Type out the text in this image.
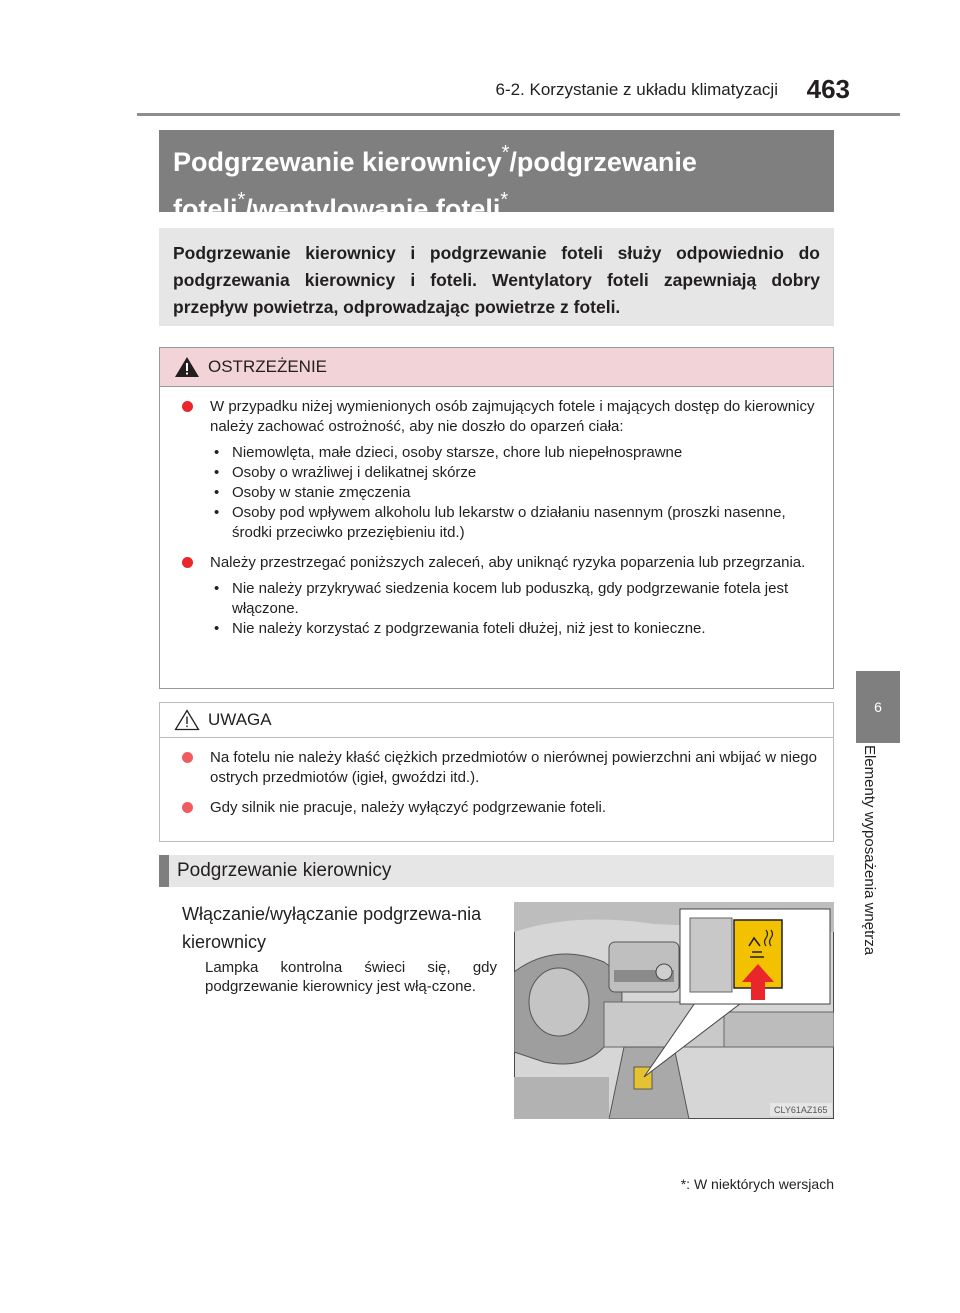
6-2. Korzystanie z układu klimatyzacji	463
6
Elementy wyposażenia wnętrza
Podgrzewanie kierownicy*/podgrzewanie
foteli*/wentylowanie foteli*
Podgrzewanie kierownicy i podgrzewanie foteli służy odpowiednio do podgrzewania kierownicy i foteli. Wentylatory foteli zapewniają dobry przepływ powietrza, odprowadzając powietrze z foteli.
OSTRZEŻENIE
W przypadku niżej wymienionych osób zajmujących fotele i mających dostęp do kierownicy należy zachować ostrożność, aby nie doszło do oparzeń ciała:
• Niemowlęta, małe dzieci, osoby starsze, chore lub niepełnosprawne
• Osoby o wrażliwej i delikatnej skórze
• Osoby w stanie zmęczenia
• Osoby pod wpływem alkoholu lub lekarstw o działaniu nasennym (proszki nasenne, środki przeciwko przeziębieniu itd.)
Należy przestrzegać poniższych zaleceń, aby uniknąć ryzyka poparzenia lub przegrzania.
• Nie należy przykrywać siedzenia kocem lub poduszką, gdy podgrzewanie fotela jest włączone.
• Nie należy korzystać z podgrzewania foteli dłużej, niż jest to konieczne.
UWAGA
Na fotelu nie należy kłaść ciężkich przedmiotów o nierównej powierzchni ani wbijać w niego ostrych przedmiotów (igieł, gwoździ itd.).
Gdy silnik nie pracuje, należy wyłączyć podgrzewanie foteli.
Podgrzewanie kierownicy
Włączanie/wyłączanie podgrzewa-nia kierownicy
Lampka kontrolna świeci się, gdy podgrzewanie kierownicy jest włą-czone.
CLY61AZ165
*: W niektórych wersjach
